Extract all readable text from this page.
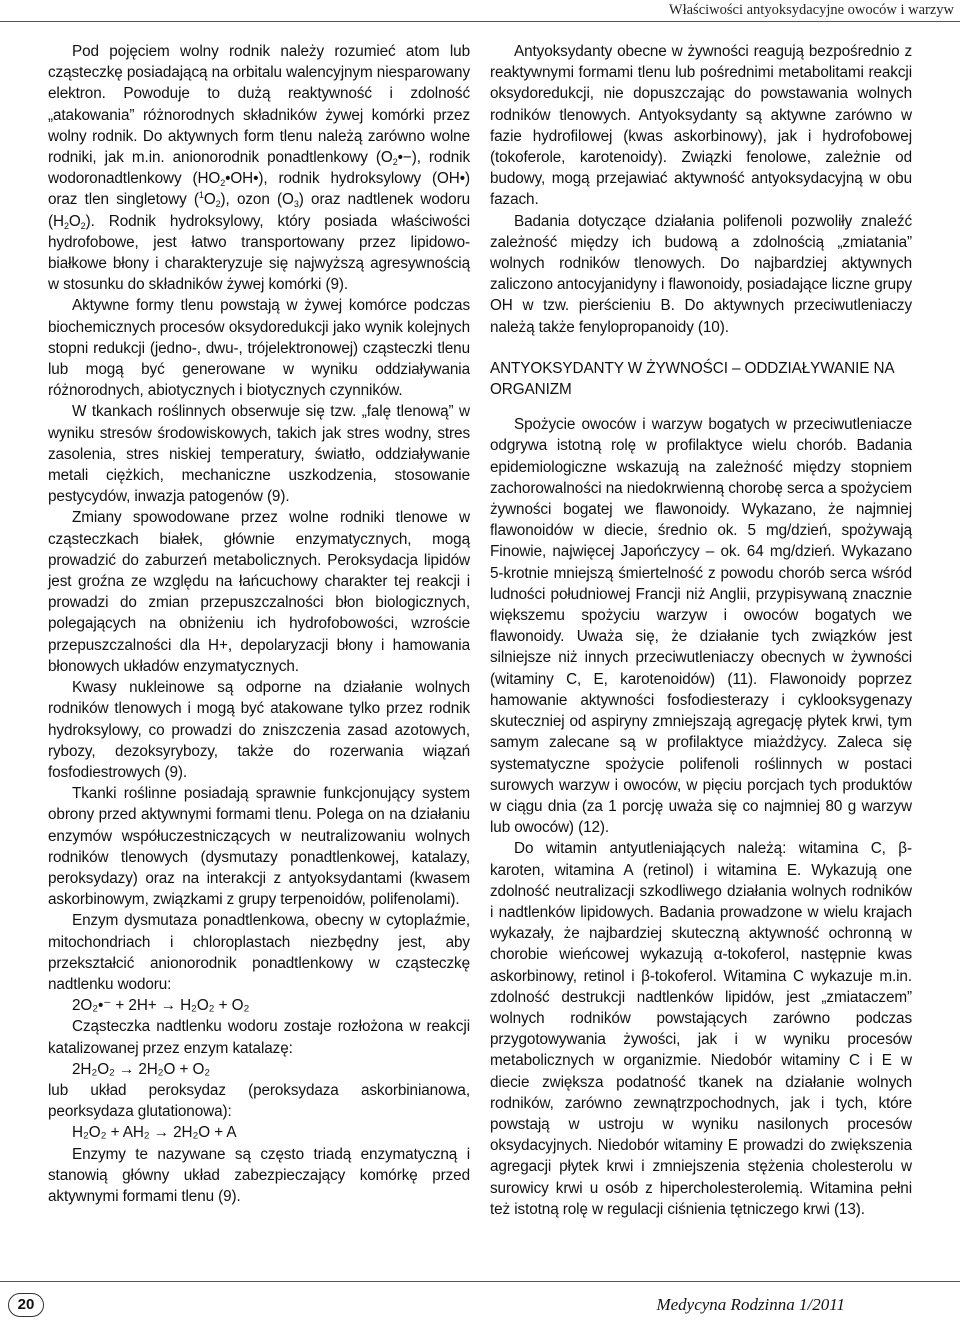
Właściwości antyoksydacyjne owoców i warzyw

Pod pojęciem wolny rodnik należy rozumieć atom lub cząsteczkę posiadającą na orbitalu walencyjnym niesparowany elektron. Powoduje to dużą reaktywność i zdolność „atakowania” różnorodnych składników żywej komórki przez wolny rodnik. Do aktywnych form tlenu należą zarówno wolne rodniki, jak m.in. anionorodnik ponadtlenkowy $(O_2•-)$, rodnik wodoronadtlenkowy $(HO_2•OH•)$, rodnik hydroksylowy (OH•) oraz tlen singletowy $(^1O_2)$, ozon $(O_3)$ oraz nadtlenek wodoru $(H_2O_2)$. Rodnik hydroksylowy, który posiada właściwości hydrofobowe, jest łatwo transportowany przez lipidowo-białkowe błony i charakteryzuje się najwyższą agresywnością w stosunku do składników żywej komórki (9).

Aktywne formy tlenu powstają w żywej komórce podczas biochemicznych procesów oksydoredukcji jako wynik kolejnych stopni redukcji (jedno-, dwu-, trójelektronowej) cząsteczki tlenu lub mogą być generowane w wyniku oddziaływania różnorodnych, abiotycznych i biotycznych czynników.

W tkankach roślinnych obserwuje się tzw. „falę tlenową” w wyniku stresów środowiskowych, takich jak stres wodny, stres zasolenia, stres niskiej temperatury, światło, oddziaływanie metali ciężkich, mechaniczne uszkodzenia, stosowanie pestycydów, inwazja patogenów (9).

Zmiany spowodowane przez wolne rodniki tlenowe w cząsteczkach białek, głównie enzymatycznych, mogą prowadzić do zaburzeń metabolicznych. Peroksydacja lipidów jest groźna ze względu na łańcuchowy charakter tej reakcji i prowadzi do zmian przepuszczalności błon biologicznych, polegających na obniżeniu ich hydrofobowości, wzroście przepuszczalności dla H+, depolaryzacji błony i hamowania błonowych układów enzymatycznych.

Kwasy nukleinowe są odporne na działanie wolnych rodników tlenowych i mogą być atakowane tylko przez rodnik hydroksylowy, co prowadzi do zniszczenia zasad azotowych, rybozy, dezoksyrybozy, także do rozerwania wiązań fosfodiestrowych (9).

Tkanki roślinne posiadają sprawnie funkcjonujący system obrony przed aktywnymi formami tlenu. Polega on na działaniu enzymów współuczestniczących w neutralizowaniu wolnych rodników tlenowych (dysmutazy ponadtlenkowej, katalazy, peroksydazy) oraz na interakcji z antyoksydantami (kwasem askorbinowym, związkami z grupy terpenoidów, polifenolami).

Enzym dysmutaza ponadtlenkowa, obecny w cytoplaźmie, mitochondriach i chloroplastach niezbędny jest, aby przekształcić anionorodnik ponadtlenkowy w cząsteczkę nadtlenku wodoru:

2O₂•⁻ + 2H+ → H₂O₂ + O₂

Cząsteczka nadtlenku wodoru zostaje rozłożona w reakcji katalizowanej przez enzym katalazę:

2H₂O₂ → 2H₂O + O₂

lub układ peroksydaz (peroksydaza askorbinianowa, peorksydaza glutationowa):

H₂O₂ + AH₂ → 2H₂O + A

Enzymy te nazywane są często triadą enzymatyczną i stanowią główny układ zabezpieczający komórkę przed aktywnymi formami tlenu (9).

Antyoksydanty obecne w żywności reagują bezpośrednio z reaktywnymi formami tlenu lub pośrednimi metabolitami reakcji oksydoredukcji, nie dopuszczając do powstawania wolnych rodników tlenowych. Antyoksydanty są aktywne zarówno w fazie hydrofilowej (kwas askorbinowy), jak i hydrofobowej (tokoferole, karotenoidy). Związki fenolowe, zależnie od budowy, mogą przejawiać aktywność antyoksydacyjną w obu fazach.

Badania dotyczące działania polifenoli pozwoliły znaleźć zależność między ich budową a zdolnością „zmiatania” wolnych rodników tlenowych. Do najbardziej aktywnych zaliczono antocyjanidyny i flawonoidy, posiadające liczne grupy OH w tzw. pierścieniu B. Do aktywnych przeciwutleniaczy należą także fenylopropanoidy (10).

ANTYOKSYDANTY W ŻYWNOŚCI – ODDZIAŁYWANIE NA ORGANIZM

Spożycie owoców i warzyw bogatych w przeciwutleniacze odgrywa istotną rolę w profilaktyce wielu chorób. Badania epidemiologiczne wskazują na zależność między stopniem zachorowalności na niedokrwienną chorobę serca a spożyciem żywności bogatej we flawonoidy. Wykazano, że najmniej flawonoidów w diecie, średnio ok. 5 mg/dzień, spożywają Finowie, najwięcej Japończycy – ok. 64 mg/dzień. Wykazano 5-krotnie mniejszą śmiertelność z powodu chorób serca wśród ludności południowej Francji niż Anglii, przypisywaną znacznie większemu spożyciu warzyw i owoców bogatych we flawonoidy. Uważa się, że działanie tych związków jest silniejsze niż innych przeciwutleniaczy obecnych w żywności (witaminy C, E, karotenoidów) (11). Flawonoidy poprzez hamowanie aktywności fosfodiesterazy i cyklooksygenazy skuteczniej od aspiryny zmniejszają agregację płytek krwi, tym samym zalecane są w profilaktyce miażdżycy. Zaleca się systematyczne spożycie polifenoli roślinnych w postaci surowych warzyw i owoców, w pięciu porcjach tych produktów w ciągu dnia (za 1 porcję uważa się co najmniej 80 g warzyw lub owoców) (12).

Do witamin antyutleniających należą: witamina C, β-karoten, witamina A (retinol) i witamina E. Wykazują one zdolność neutralizacji szkodliwego działania wolnych rodników i nadtlenków lipidowych. Badania prowadzone w wielu krajach wykazały, że najbardziej skuteczną aktywność ochronną w chorobie wieńcowej wykazują α-tokoferol, następnie kwas askorbinowy, retinol i β-tokoferol. Witamina C wykazuje m.in. zdolność destrukcji nadtlenków lipidów, jest „zmiataczem” wolnych rodników powstających zarówno podczas przygotowywania żywości, jak i w wyniku procesów metabolicznych w organizmie. Niedobór witaminy C i E w diecie zwiększa podatność tkanek na działanie wolnych rodników, zarówno zewnątrzpochodnych, jak i tych, które powstają w ustroju w wyniku nasilonych procesów oksydacyjnych. Niedobór witaminy E prowadzi do zwiększenia agregacji płytek krwi i zmniejszenia stężenia cholesterolu w surowicy krwi u osób z hipercholesterolemią. Witamina pełni też istotną rolę w regulacji ciśnienia tętniczego krwi (13).

20	Medycyna Rodzinna 1/2011
